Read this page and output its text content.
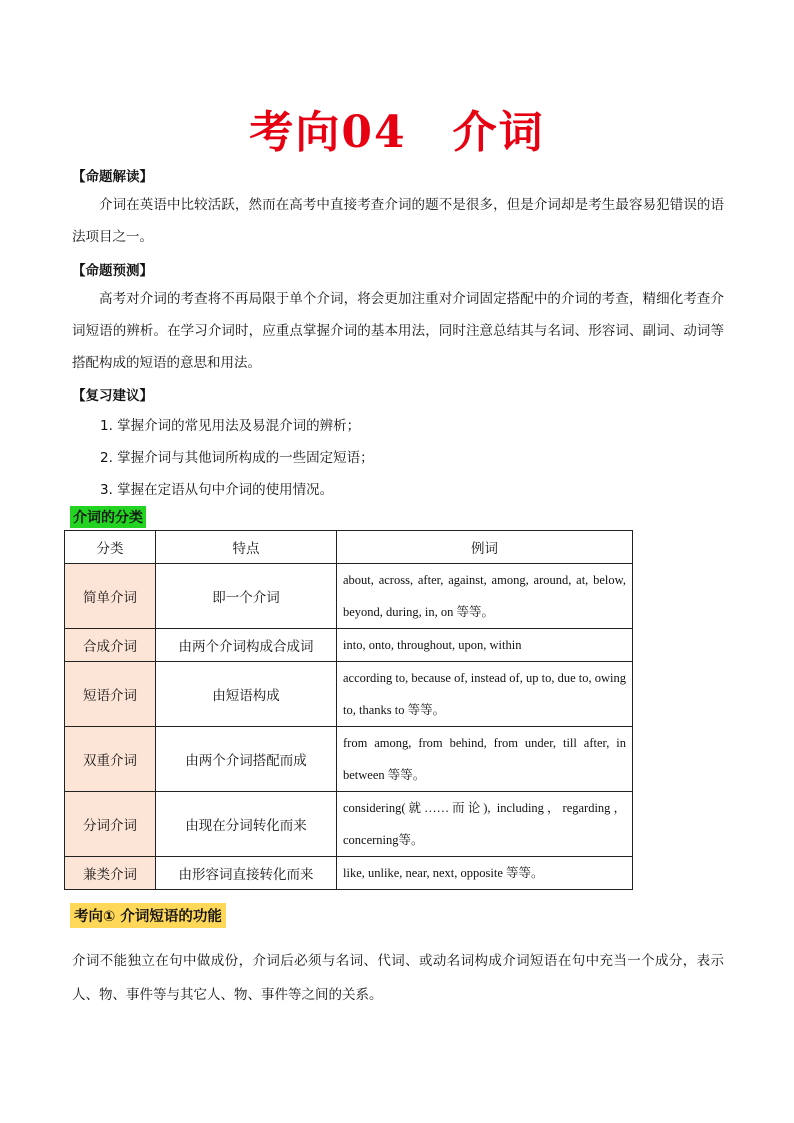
考向04 介词
【命题解读】
介词在英语中比较活跃，然而在高考中直接考查介词的题不是很多，但是介词却是考生最容易犯错误的语法项目之一。
【命题预测】
高考对介词的考查将不再局限于单个介词，将会更加注重对介词固定搭配中的介词的考查，精细化考查介词短语的辨析。在学习介词时，应重点掌握介词的基本用法，同时注意总结其与名词、形容词、副词、动词等搭配构成的短语的意思和用法。
【复习建议】
1. 掌握介词的常见用法及易混介词的辨析；
2. 掌握介词与其他词所构成的一些固定短语；
3. 掌握在定语从句中介词的使用情况。
介词的分类
分类	特点	例词
简单介词	即一个介词	about, across, after, against, among, around, at, below, beyond, during, in, on 等等。
合成介词	由两个介词构成合成词	into, onto, throughout, upon, within
短语介词	由短语构成	according to, because of, instead of, up to, due to, owing to, thanks to 等等。
双重介词	由两个介词搭配而成	from among, from behind, from under, till after, in between 等等。
分词介词	由现在分词转化而来	considering(就……而论), including，regarding，concerning等。
兼类介词	由形容词直接转化而来	like, unlike, near, next, opposite 等等。
考向① 介词短语的功能
介词不能独立在句中做成份，介词后必须与名词、代词、或动名词构成介词短语在句中充当一个成分，表示人、物、事件等与其它人、物、事件等之间的关系。
